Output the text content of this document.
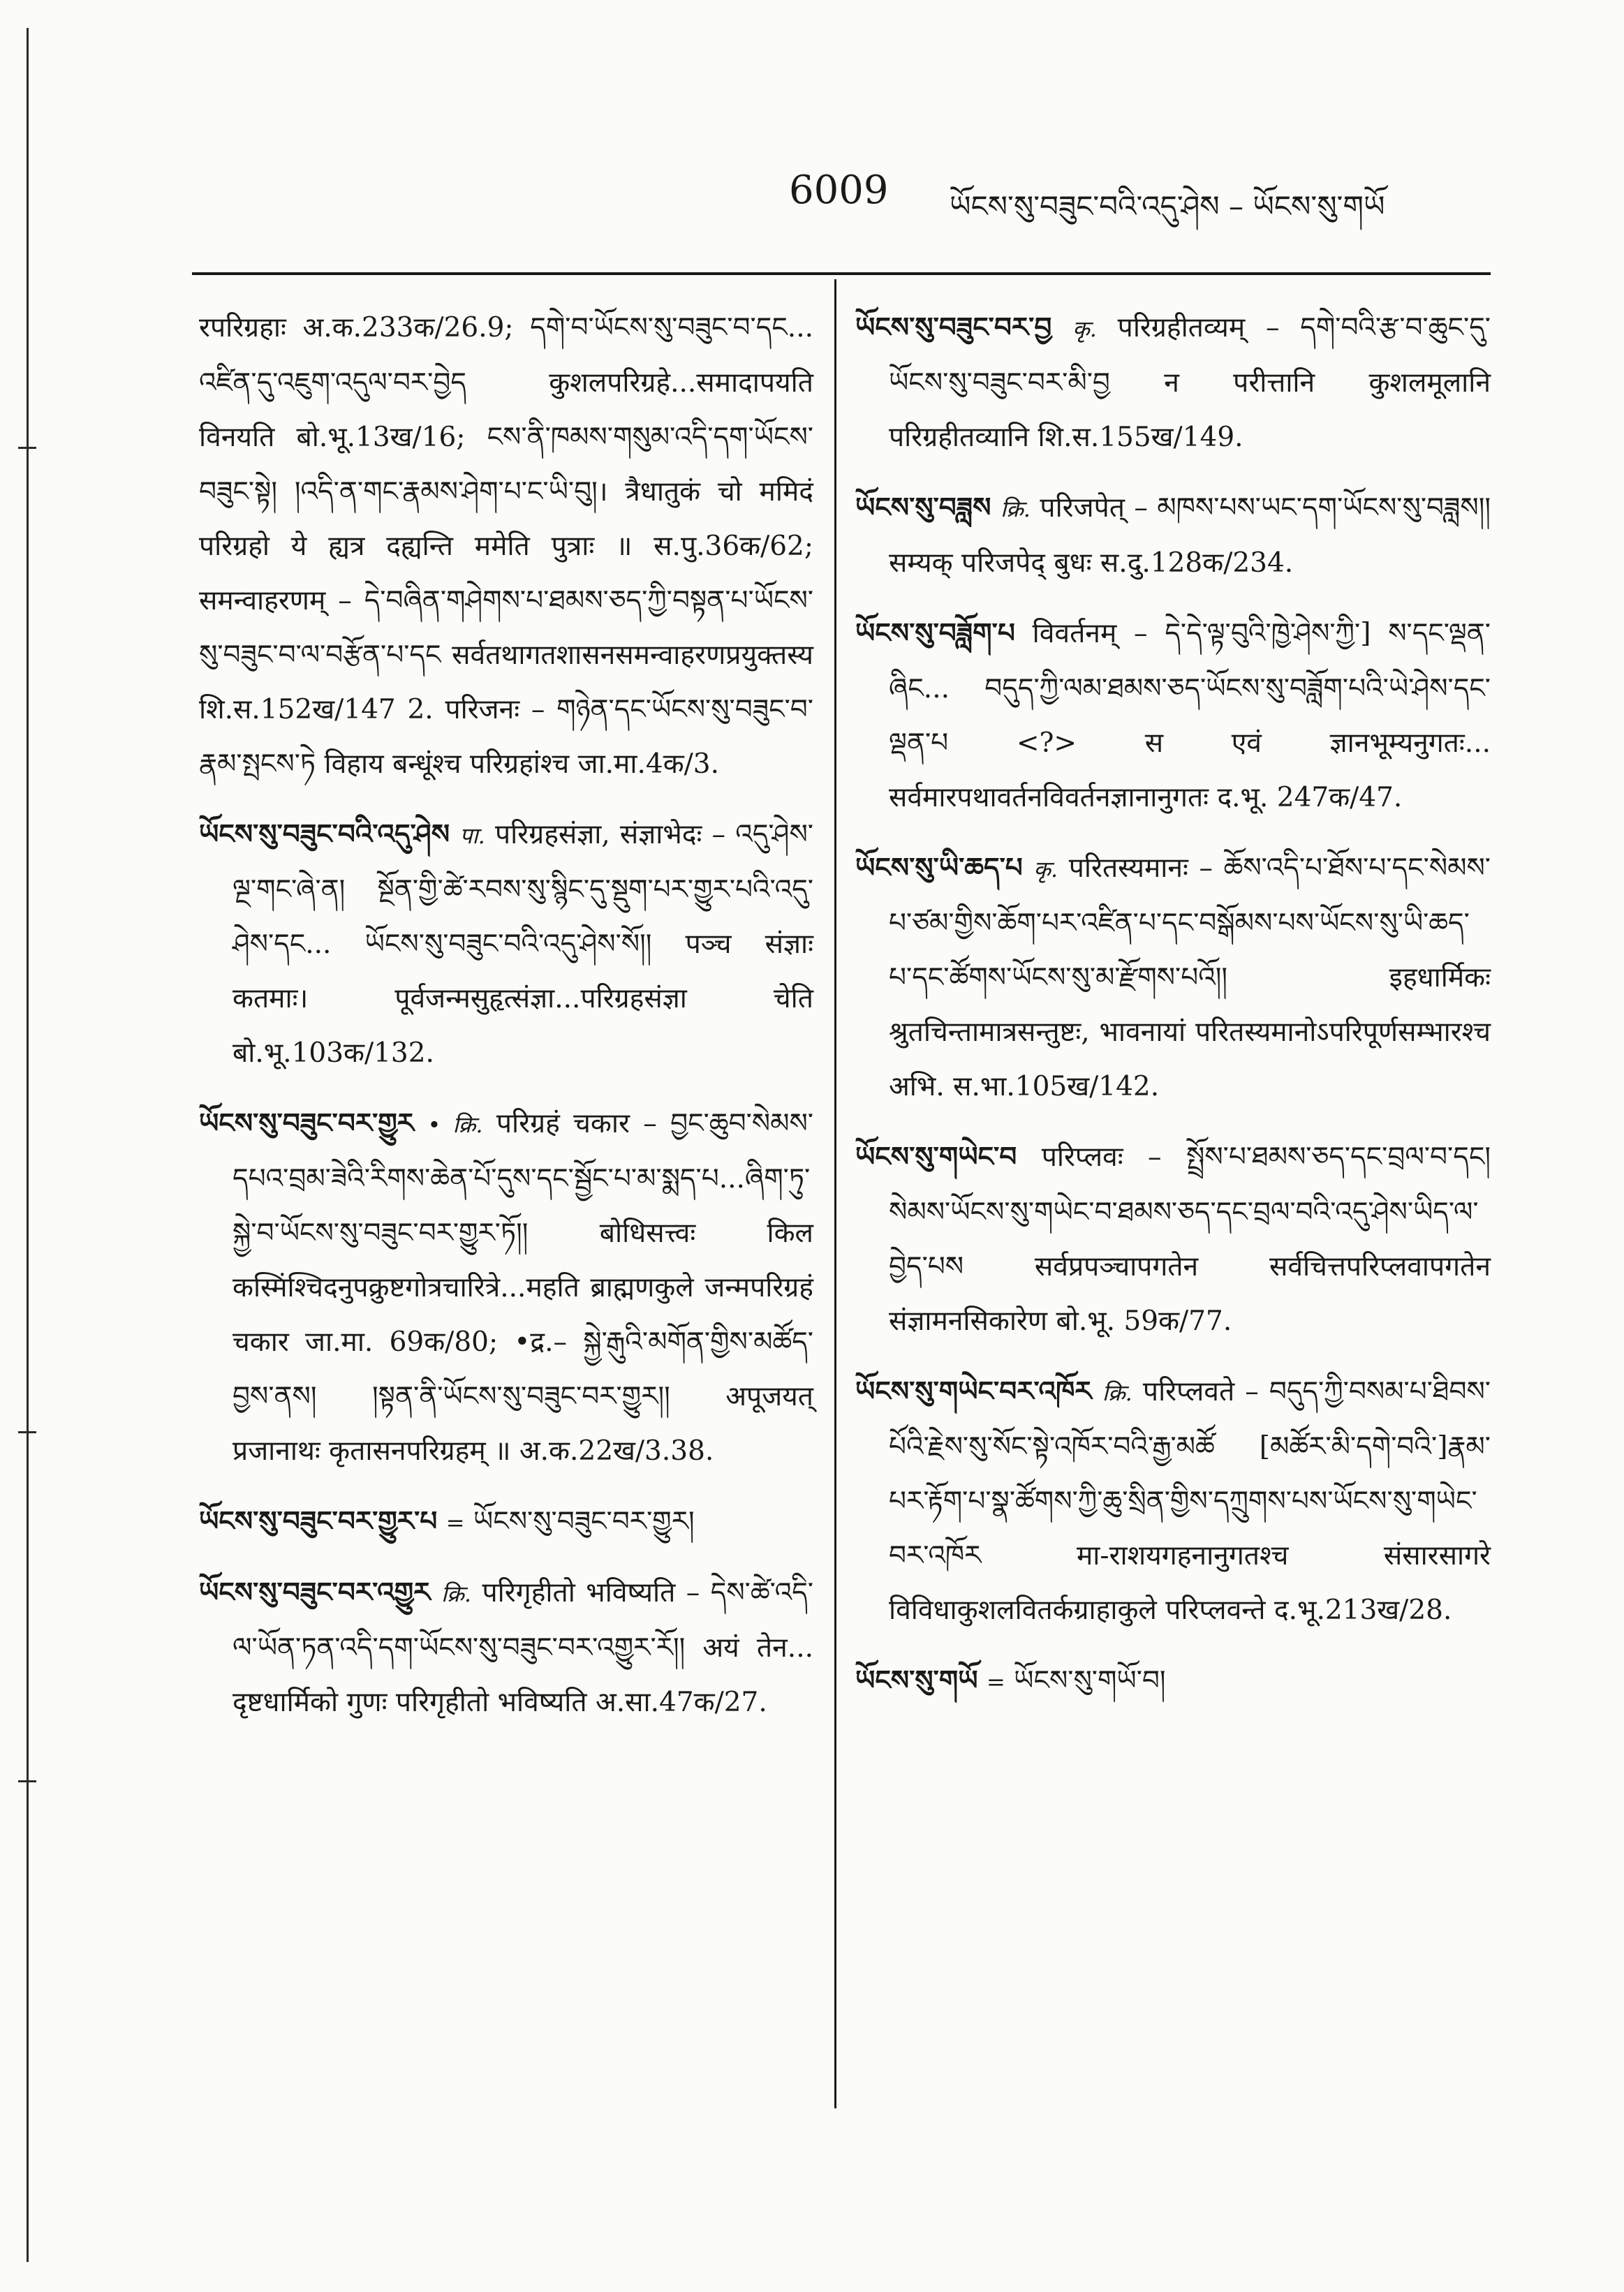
6009 ཡོངས་སུ་བཟུང་བའི་འདུ་ཤེས – ཡོངས་སུ་གཡོ
रपरिग्रहाः अ.क.233क/26.9; དགེ་བ་ཡོངས་སུ་བཟུང་བ་དང... འཛིན་དུ་འཇུག་འདུལ་བར་བྱེད कुशलपरिग्रहे...समादापयति विनयति बो.भू.13ख/16; ངས་ནི་ཁམས་གསུམ་འདི་དག་ཡོངས་བཟུང་སྟེ། །འདི་ན་གང་རྣམས་ཤེག་པ་ང་ཡི་བུ།। त्रैधातुकं चो ममिदं परिग्रहो ये ह्यत्र दह्यन्ति ममेति पुत्राः ॥ स.पु.36क/62; समन्वाहरणम् – དེ་བཞིན་གཤེགས་པ་ཐམས་ཅད་ཀྱི་བསྟན་པ་ཡོངས་སུ་བཟུང་བ་ལ་བརྩོན་པ་དང सर्वतथागतशासनसमन्वाहरणप्रयुक्तस्य शि.स.152ख/147 2. परिजनः – གཉེན་དང་ཡོངས་སུ་བཟུང་བ་རྣམ་སྤངས་ཏེ विहाय बन्धूंश्च परिग्रहांश्च जा.मा.4क/3.
ཡོངས་སུ་བཟུང་བའི་འདུ་ཤེས पा. परिग्रहसंज्ञा, संज्ञाभेदः – འདུ་ཤེས་ལྔ་གང་ཞེ་ན། སྔོན་གྱི་ཚེ་རབས་སུ་སྙིང་དུ་སྡུག་པར་གྱུར་པའི་འདུ་ཤེས་དང... ཡོངས་སུ་བཟུང་བའི་འདུ་ཤེས་སོ།། पञ्च संज्ञाः कतमाः। पूर्वजन्मसुहृत्संज्ञा...परिग्रहसंज्ञा चेति बो.भू.103क/132.
ཡོངས་སུ་བཟུང་བར་གྱུར • क्रि. परिग्रहं चकार – བྱང་ཆུབ་སེམས་དཔའ་བྲམ་ཟེའི་རིགས་ཆེན་པོ་དུས་དང་སྦྱོང་པ་མ་སྨད་པ...ཞིག་ཏུ་སྐྱེ་བ་ཡོངས་སུ་བཟུང་བར་གྱུར་ཏོ།། बोधिसत्त्वः किल कस्मिंश्चिदनुपक्रुष्टगोत्रचारित्रे...महति ब्राह्मणकुले जन्मपरिग्रहं चकार जा.मा. 69क/80; •द्र.– སྐྱེ་རྒུའི་མགོན་གྱིས་མཚོད་བྱས་ནས། །སྟན་ནི་ཡོངས་སུ་བཟུང་བར་གྱུར།། अपूजयत् प्रजानाथः कृतासनपरिग्रहम् ॥ अ.क.22ख/3.38.
ཡོངས་སུ་བཟུང་བར་གྱུར་པ = ཡོངས་སུ་བཟུང་བར་གྱུར།
ཡོངས་སུ་བཟུང་བར་འགྱུར क्रि. परिगृहीतो भविष्यति – དེས་ཚེ་འདི་ལ་ཡོན་ཏན་འདི་དག་ཡོངས་སུ་བཟུང་བར་འགྱུར་རོ།། अयं तेन... दृष्टधार्मिको गुणः परिगृहीतो भविष्यति अ.सा.47क/27.
ཡོངས་སུ་བཟུང་བར་བྱ कृ. परिग्रहीतव्यम् – དགེ་བའི་རྩ་བ་ཆུང་དུ་ཡོངས་སུ་བཟུང་བར་མི་བྱ न परीत्तानि कुशलमूलानि परिग्रहीतव्यानि शि.स.155ख/149.
ཡོངས་སུ་བཟླས क्रि. परिजपेत् – མཁས་པས་ཡང་དག་ཡོངས་སུ་བཟླས།། सम्यक् परिजपेद् बुधः स.दु.128क/234.
ཡོངས་སུ་བཟློག་པ विवर्तनम् – དེ་དེ་ལྟ་བུའི་ཁྱེ་ཤེས་ཀྱི་] ས་དང་ལྡན་ཞིང... བདུད་ཀྱི་ལམ་ཐམས་ཅད་ཡོངས་སུ་བཟློག་པའི་ཡེ་ཤེས་དང་ལྡན་པ <?> स एवं ज्ञानभूम्यनुगतः... सर्वमारपथावर्तनविवर्तनज्ञानानुगतः द.भू. 247क/47.
ཡོངས་སུ་ཡི་ཆད་པ कृ. परितस्यमानः – ཆོས་འདི་པ་ཐོས་པ་དང་སེམས་པ་ཙམ་གྱིས་ཆོག་པར་འཛིན་པ་དང་བསྒོམས་པས་ཡོངས་སུ་ཡི་ཆད་པ་དང་ཚོགས་ཡོངས་སུ་མ་རྫོགས་པའོ།། इहधार्मिकः श्रुतचिन्तामात्रसन्तुष्टः, भावनायां परितस्यमानोऽपरिपूर्णसम्भारश्च अभि. स.भा.105ख/142.
ཡོངས་སུ་གཡེང་བ परिप्लवः – སྤྲོས་པ་ཐམས་ཅད་དང་བྲལ་བ་དང། སེམས་ཡོངས་སུ་གཡེང་བ་ཐམས་ཅད་དང་བྲལ་བའི་འདུ་ཤེས་ཡིད་ལ་བྱེད་པས सर्वप्रपञ्चापगतेन सर्वचित्तपरिप्लवापगतेन संज्ञामनसिकारेण बो.भू. 59क/77.
ཡོངས་སུ་གཡེང་བར་འཁོར क्रि. परिप्लवते – བདུད་ཀྱི་བསམ་པ་ཐིབས་པོའི་རྗེས་སུ་སོང་སྟེ་འཁོར་བའི་རྒྱ་མཚོ [མཚོར་མི་དགེ་བའི་]རྣམ་པར་རྟོག་པ་སྣ་ཚོགས་ཀྱི་ཆུ་སྲིན་གྱིས་དཀྲུགས་པས་ཡོངས་སུ་གཡེང་བར་འཁོར मा-राशयगहनानुगतश्च संसारसागरे विविधाकुशलवितर्कग्राहाकुले परिप्लवन्ते द.भू.213ख/28.
ཡོངས་སུ་གཡོ = ཡོངས་སུ་གཡོ་བ།
